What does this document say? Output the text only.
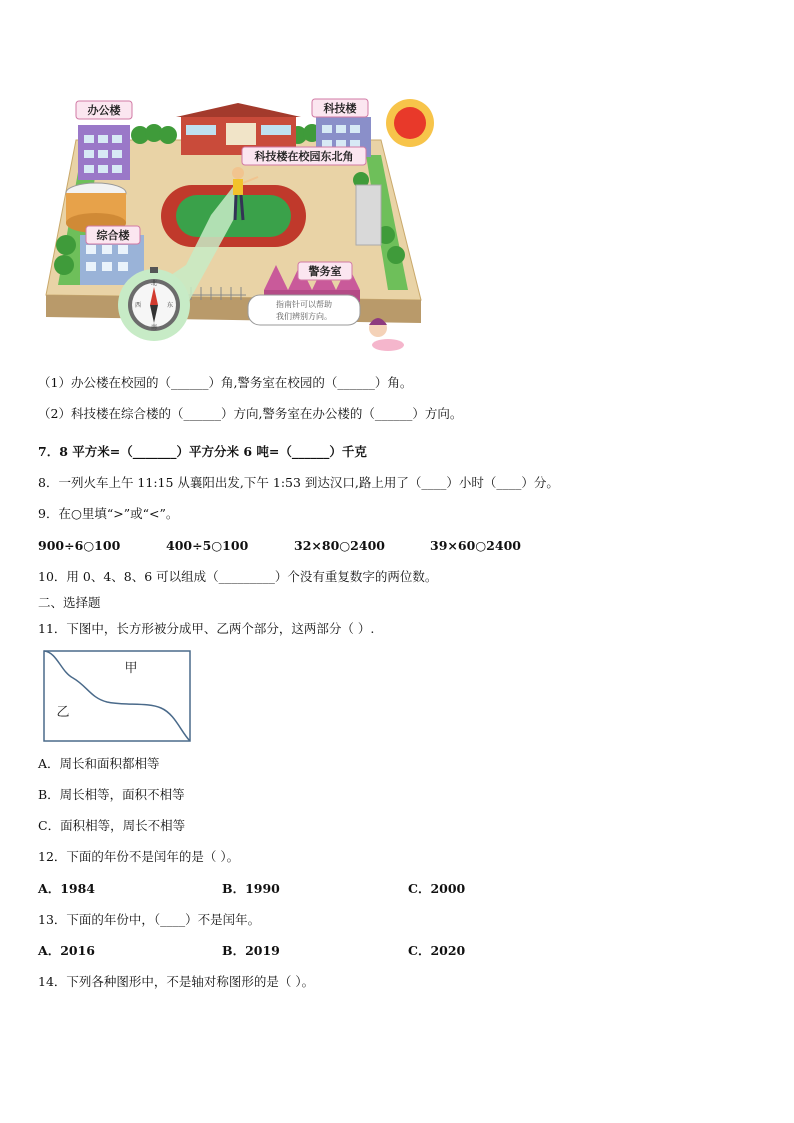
北
东
南
西	指南针可以帮助
我们辨别方向。
办公楼	科技楼
科技楼在校园东北角
综合楼
警务室
（1）办公楼在校园的（______）角,警务室在校园的（______）角。
（2）科技楼在综合楼的（______）方向,警务室在办公楼的（______）方向。
7．8 平方米=（_______）平方分米 6 吨=（______）千克
8．一列火车上午 11:15 从襄阳出发,下午 1:53 到达汉口,路上用了（____）小时（____）分。
9．在○里填“>”或“<”。
900÷6○100	400÷5○100	32×80○2400	39×60○2400
10．用 0、4、8、6 可以组成（_________）个没有重复数字的两位数。
二、选择题
11．下图中，长方形被分成甲、乙两个部分，这两部分（ ）.
甲
乙
A．周长和面积都相等
B．周长相等，面积不相等
C．面积相等，周长不相等
12．下面的年份不是闰年的是（ ）。
A．1984	B．1990	C．2000
13．下面的年份中，（____）不是闰年。
A．2016	B．2019	C．2020
14．下列各种图形中，不是轴对称图形的是（ ）。
